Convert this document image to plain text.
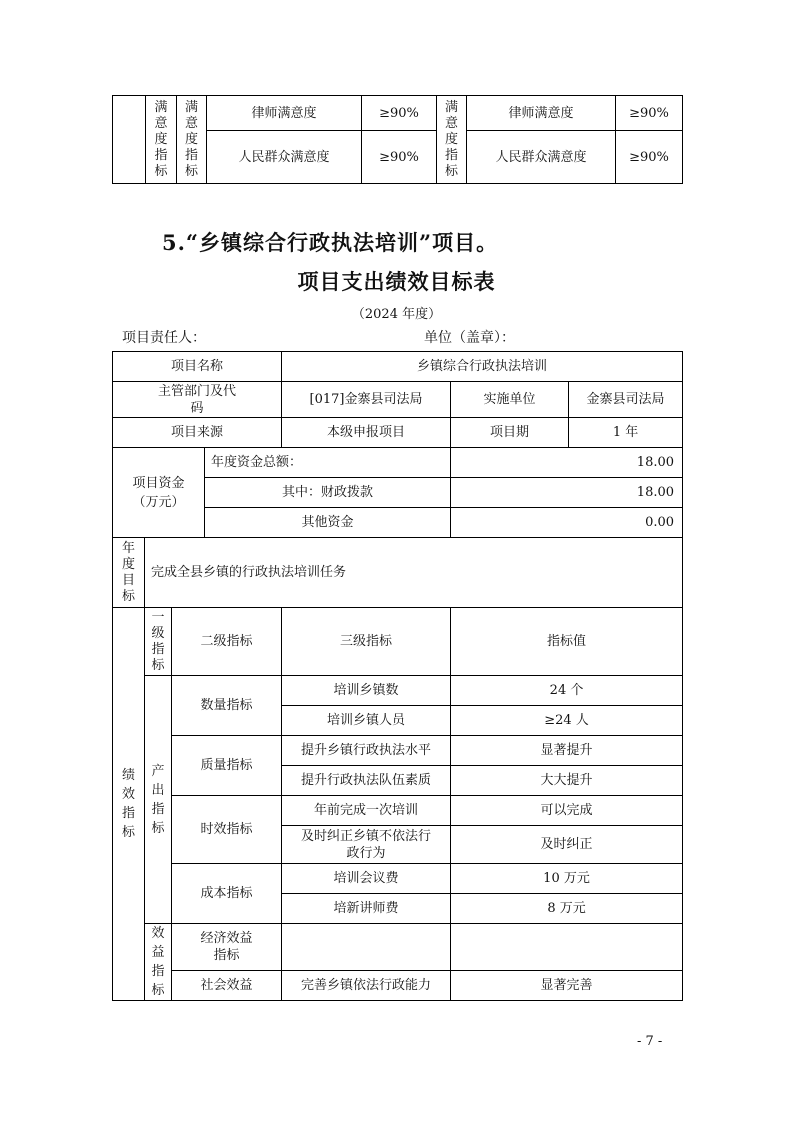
	满意度指标	满意度指标	律师满意度	≥90%	满意度指标	律师满意度	≥90%
			人民群众满意度	≥90%		人民群众满意度	≥90%

5.“乡镇综合行政执法培训”项目。

项目支出绩效目标表

（2024 年度）

项目责任人：	单位（盖章）：

项目名称				乡镇综合行政执法培训		
主管部门及代码				[017]金寨县司法局	实施单位	金寨县司法局
项目来源				本级申报项目	项目期	1 年
项目资金（万元）			年度资金总额：		18.00	
			其中：财政拨款		18.00	
			其他资金		0.00	
年度目标	完成全县乡镇的行政执法培训任务					
绩效指标	一级指标	二级指标		三级指标	指标值	
	产出指标	数量指标		培训乡镇数	24 个	
				培训乡镇人员	≥24 人	
		质量指标		提升乡镇行政执法水平	显著提升	
				提升行政执法队伍素质	大大提升	
		时效指标		年前完成一次培训	可以完成	
				及时纠正乡镇不依法行政行为	及时纠正	
		成本指标		培训会议费	10 万元	
				培新讲师费	8 万元	
	效益指标	经济效益指标				
		社会效益		完善乡镇依法行政能力	显著完善	

- 7 -
